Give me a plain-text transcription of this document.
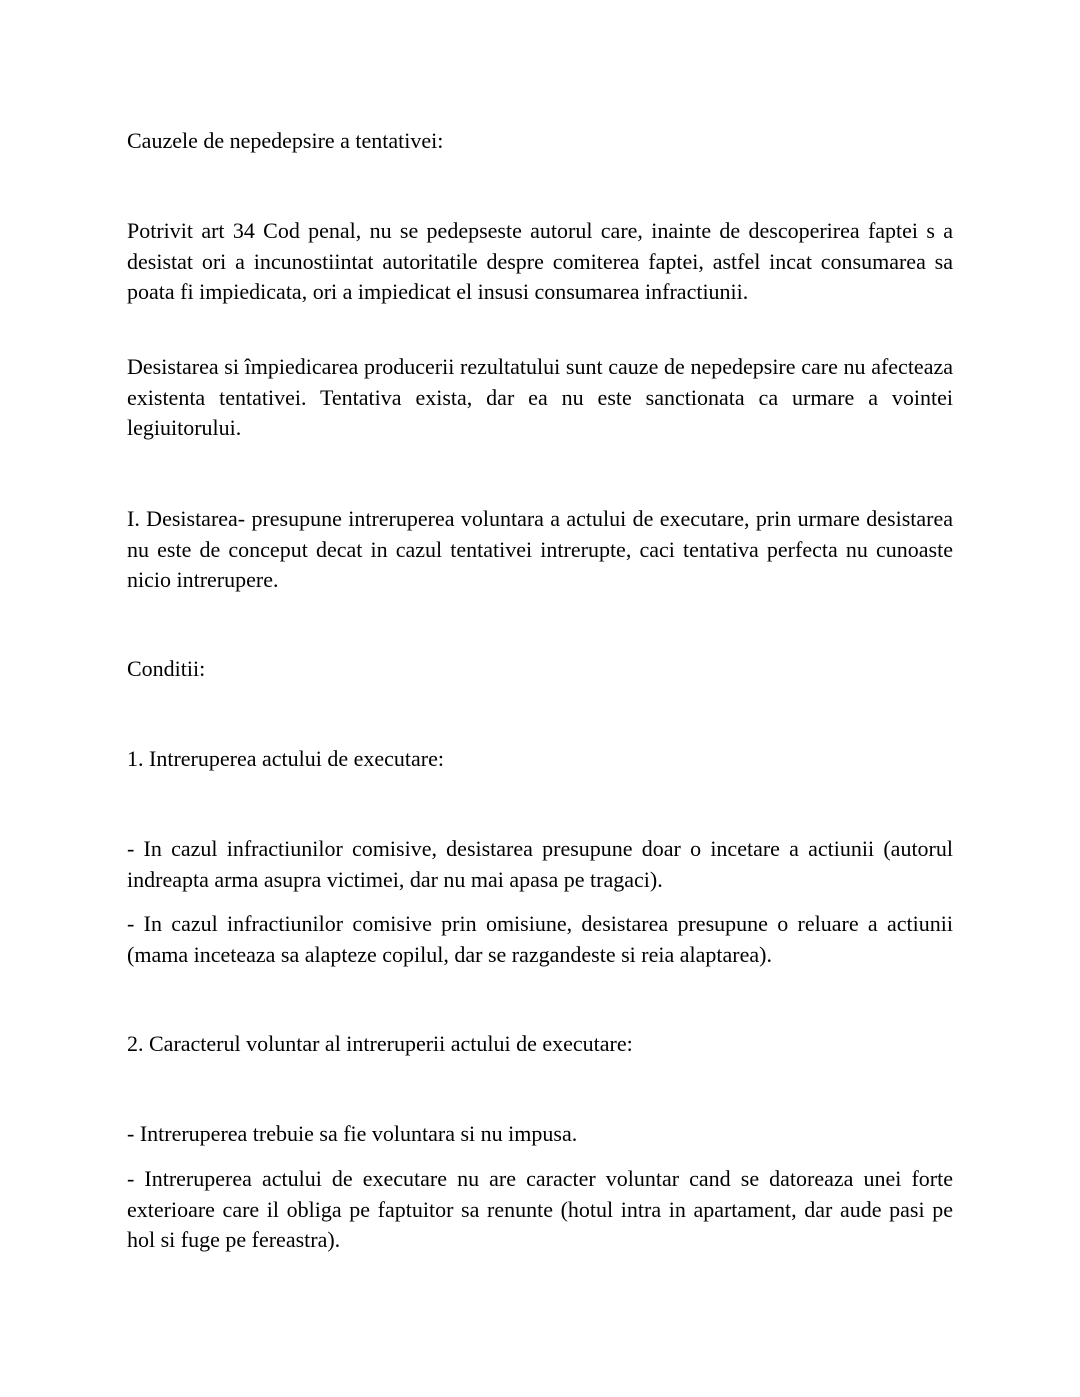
Cauzele de nepedepsire a tentativei:

Potrivit art 34 Cod penal, nu se pedepseste autorul care, inainte de descoperirea faptei s a desistat ori a incunostiintat autoritatile despre comiterea faptei, astfel incat consumarea sa poata fi impiedicata, ori a impiedicat el insusi consumarea infractiunii.

Desistarea si împiedicarea producerii rezultatului sunt cauze de nepedepsire care nu afecteaza existenta tentativei. Tentativa exista, dar ea nu este sanctionata ca urmare a vointei legiuitorului.

I. Desistarea- presupune intreruperea voluntara a actului de executare, prin urmare desistarea nu este de conceput decat in cazul tentativei intrerupte, caci tentativa perfecta nu cunoaste nicio intrerupere.

Conditii:

1. Intreruperea actului de executare:

- In cazul infractiunilor comisive, desistarea presupune doar o incetare a actiunii (autorul indreapta arma asupra victimei, dar nu mai apasa pe tragaci).

- In cazul infractiunilor comisive prin omisiune, desistarea presupune o reluare a actiunii (mama inceteaza sa alapteze copilul, dar se razgandeste si reia alaptarea).

2. Caracterul voluntar al intreruperii actului de executare:

- Intreruperea trebuie sa fie voluntara si nu impusa.

- Intreruperea actului de executare nu are caracter voluntar cand se datoreaza unei forte exterioare care il obliga pe faptuitor sa renunte (hotul intra in apartament, dar aude pasi pe hol si fuge pe fereastra).
